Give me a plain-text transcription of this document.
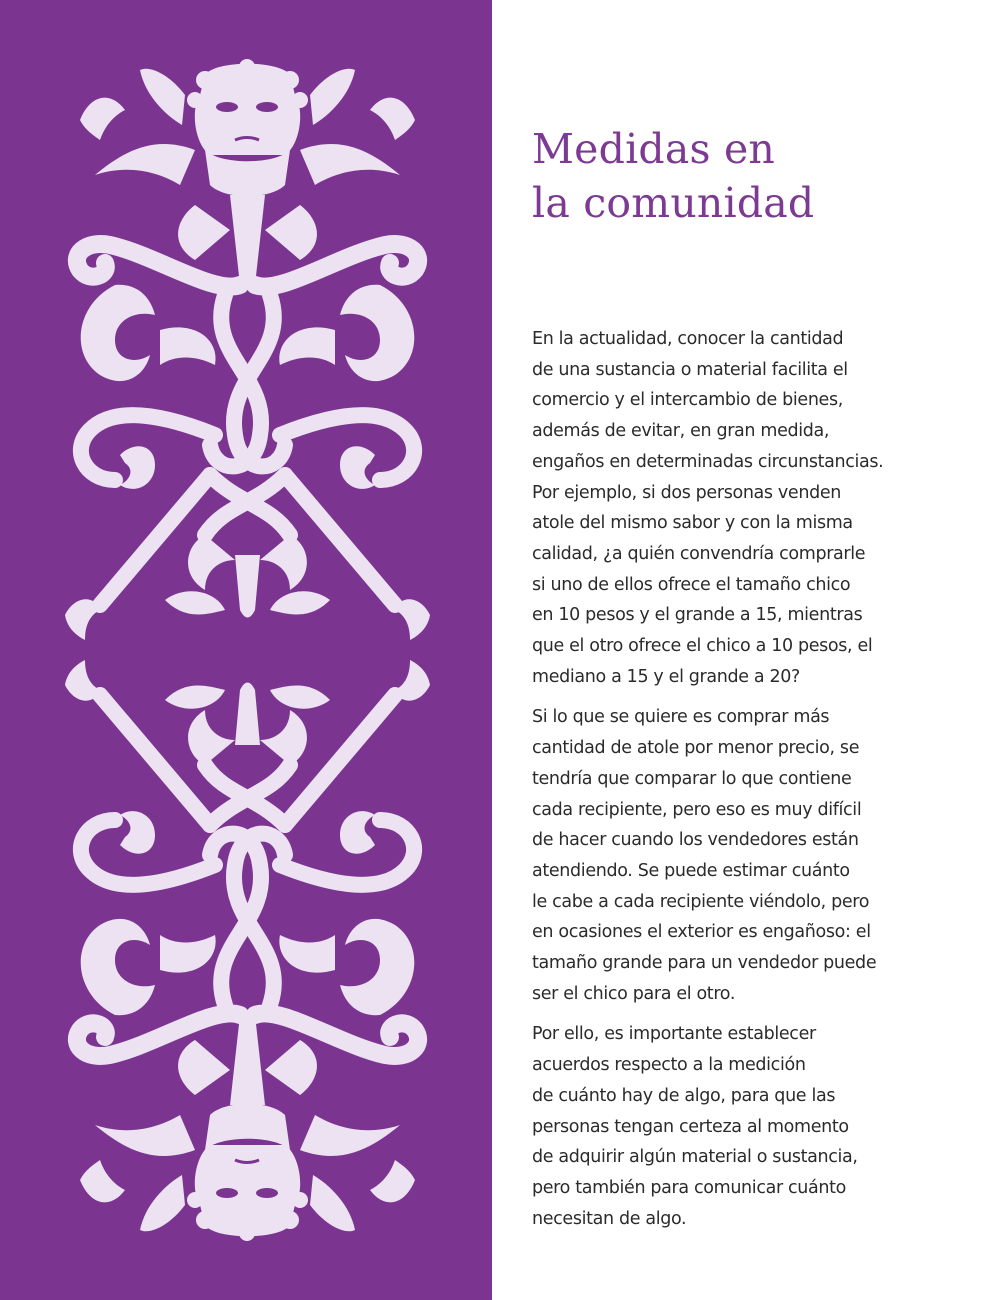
Medidas en
la comunidad

En la actualidad, conocer la cantidad
de una sustancia o material facilita el
comercio y el intercambio de bienes,
además de evitar, en gran medida,
engaños en determinadas circunstancias.
Por ejemplo, si dos personas venden
atole del mismo sabor y con la misma
calidad, ¿a quién convendría comprarle
si uno de ellos ofrece el tamaño chico
en 10 pesos y el grande a 15, mientras
que el otro ofrece el chico a 10 pesos, el
mediano a 15 y el grande a 20?

Si lo que se quiere es comprar más
cantidad de atole por menor precio, se
tendría que comparar lo que contiene
cada recipiente, pero eso es muy difícil
de hacer cuando los vendedores están
atendiendo. Se puede estimar cuánto
le cabe a cada recipiente viéndolo, pero
en ocasiones el exterior es engañoso: el
tamaño grande para un vendedor puede
ser el chico para el otro.

Por ello, es importante establecer
acuerdos respecto a la medición
de cuánto hay de algo, para que las
personas tengan certeza al momento
de adquirir algún material o sustancia,
pero también para comunicar cuánto
necesitan de algo.
